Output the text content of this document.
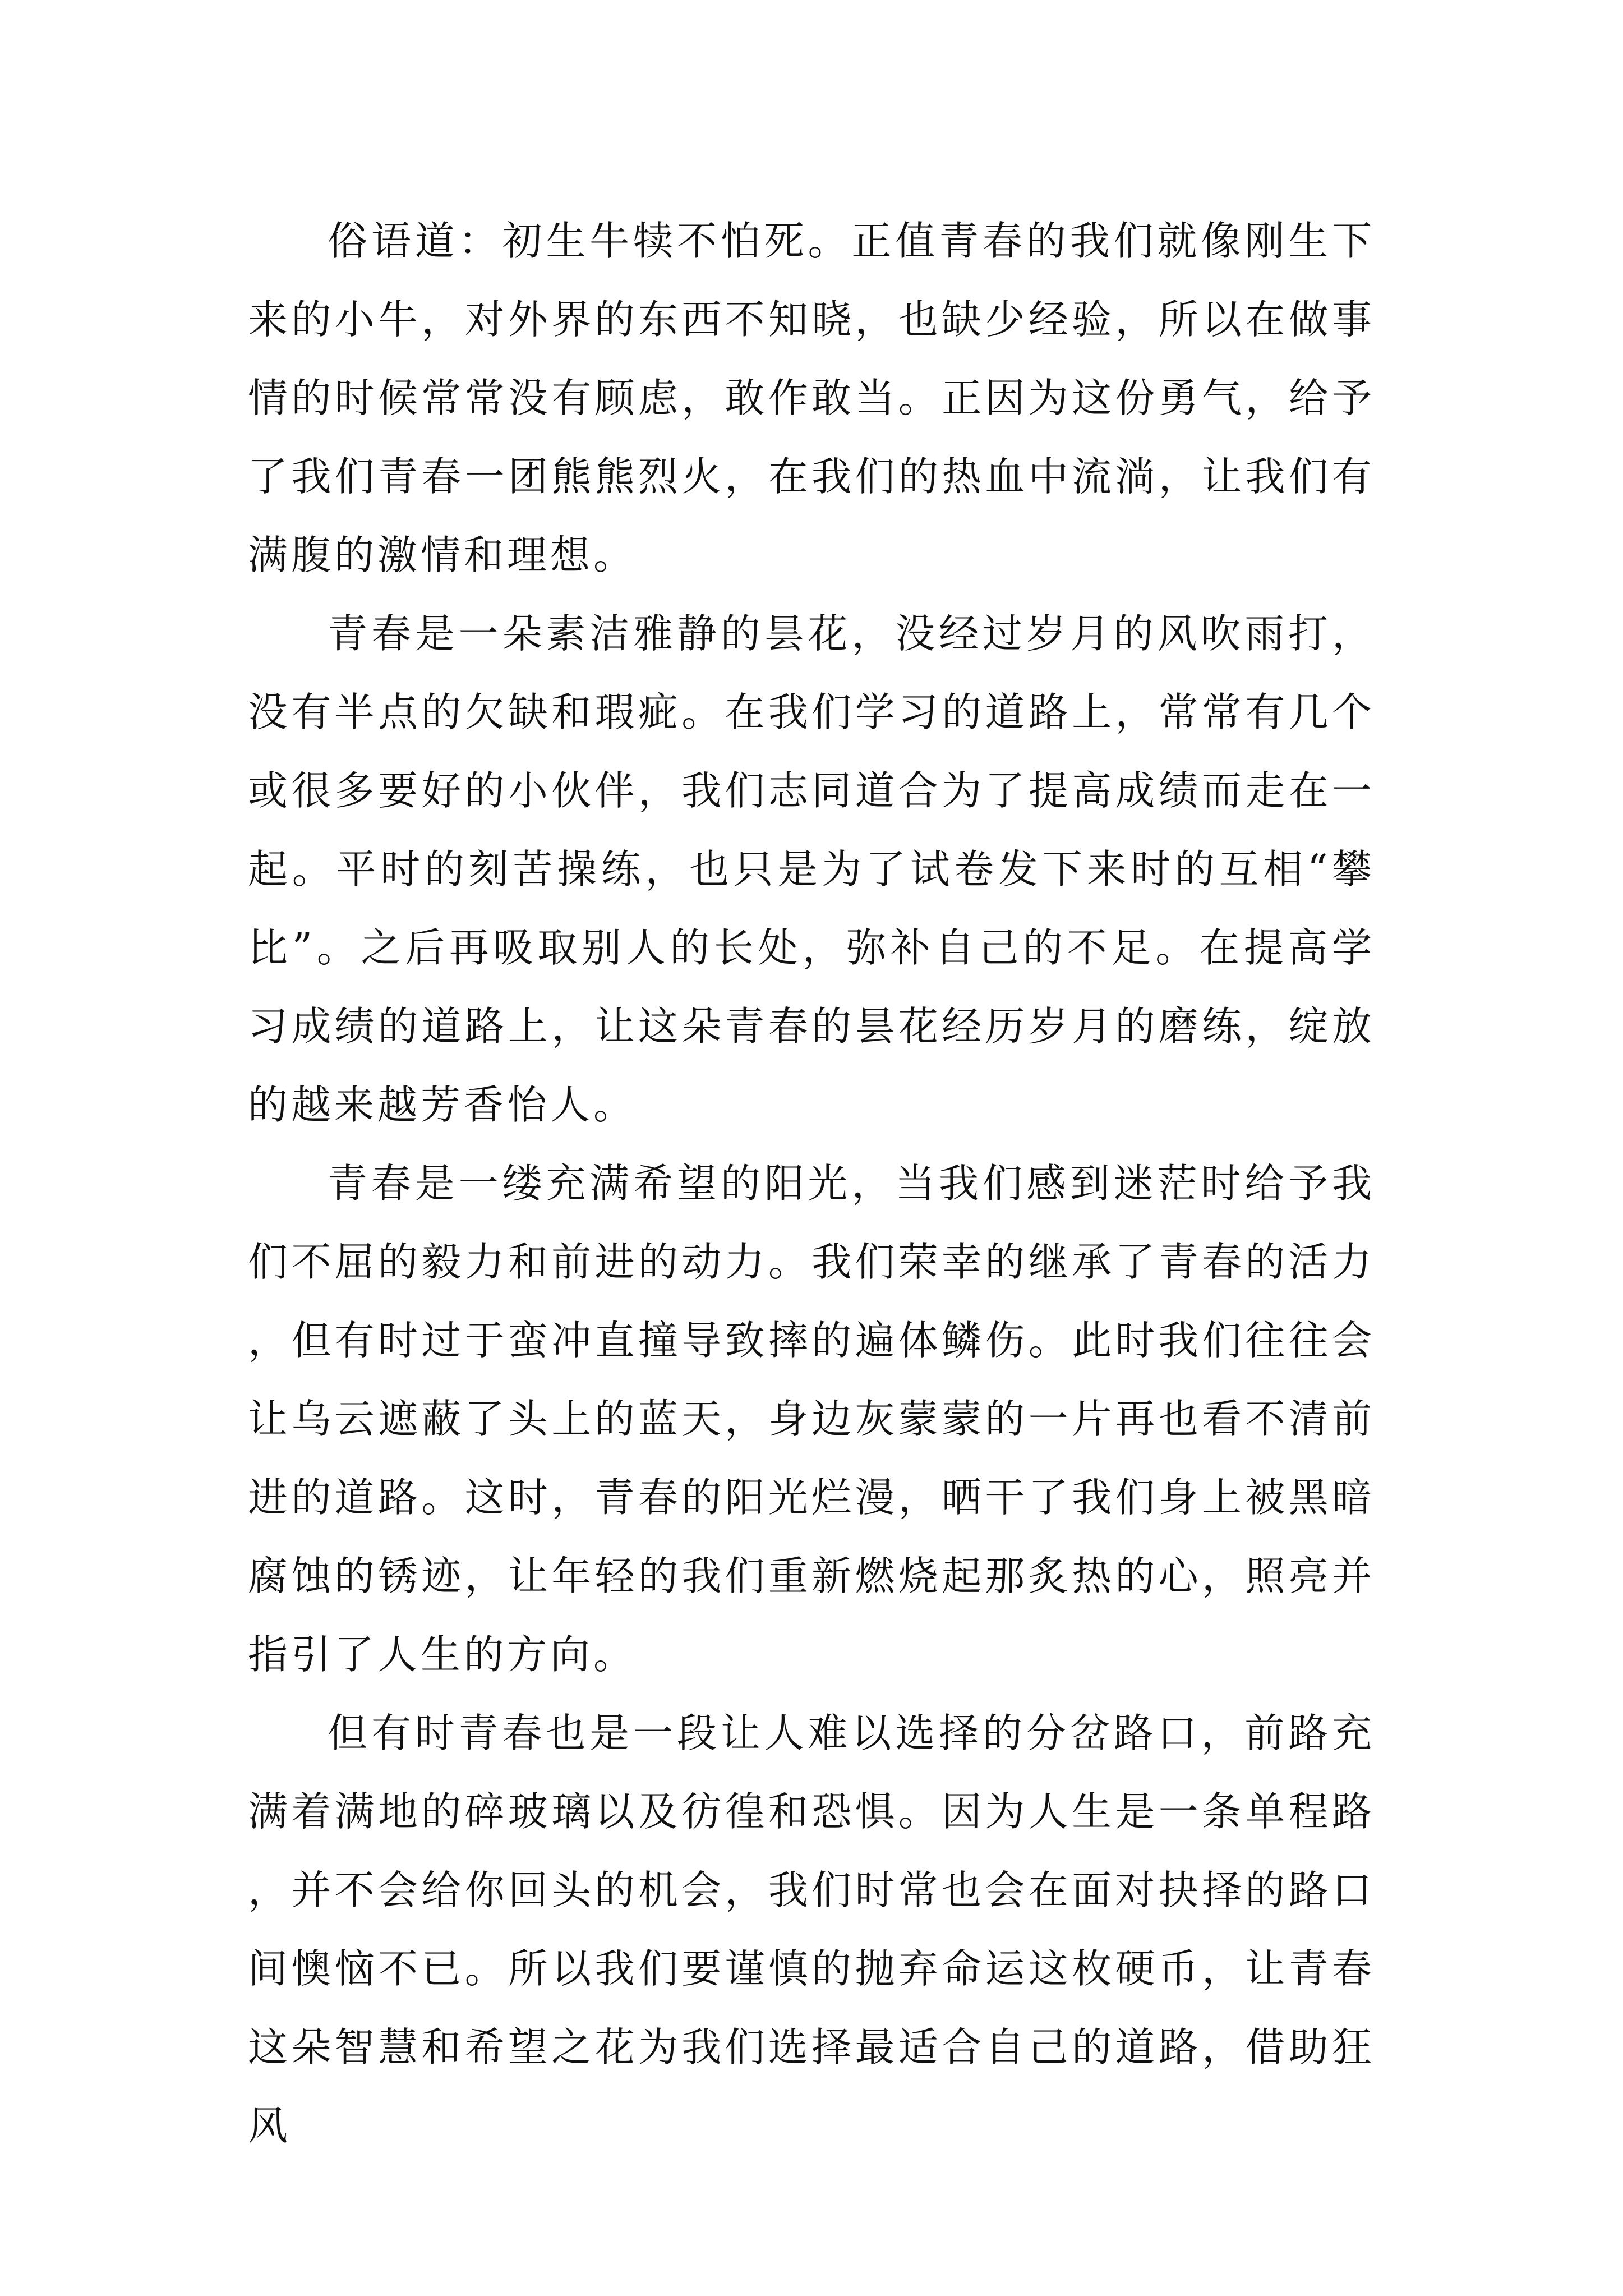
俗语道：初生牛犊不怕死。正值青春的我们就像刚生下来的小牛，对外界的东西不知晓，也缺少经验，所以在做事情的时候常常没有顾虑，敢作敢当。正因为这份勇气，给予了我们青春一团熊熊烈火，在我们的热血中流淌，让我们有满腹的激情和理想。

青春是一朵素洁雅静的昙花，没经过岁月的风吹雨打，没有半点的欠缺和瑕疵。在我们学习的道路上，常常有几个或很多要好的小伙伴，我们志同道合为了提高成绩而走在一起。平时的刻苦操练，也只是为了试卷发下来时的互相“攀比”。之后再吸取别人的长处，弥补自己的不足。在提高学习成绩的道路上，让这朵青春的昙花经历岁月的磨练，绽放的越来越芳香怡人。

青春是一缕充满希望的阳光，当我们感到迷茫时给予我们不屈的毅力和前进的动力。我们荣幸的继承了青春的活力，但有时过于蛮冲直撞导致摔的遍体鳞伤。此时我们往往会让乌云遮蔽了头上的蓝天，身边灰蒙蒙的一片再也看不清前进的道路。这时，青春的阳光烂漫，晒干了我们身上被黑暗腐蚀的锈迹，让年轻的我们重新燃烧起那炙热的心，照亮并指引了人生的方向。

但有时青春也是一段让人难以选择的分岔路口，前路充满着满地的碎玻璃以及彷徨和恐惧。因为人生是一条单程路，并不会给你回头的机会，我们时常也会在面对抉择的路口间懊恼不已。所以我们要谨慎的抛弃命运这枚硬币，让青春这朵智慧和希望之花为我们选择最适合自己的道路，借助狂风
